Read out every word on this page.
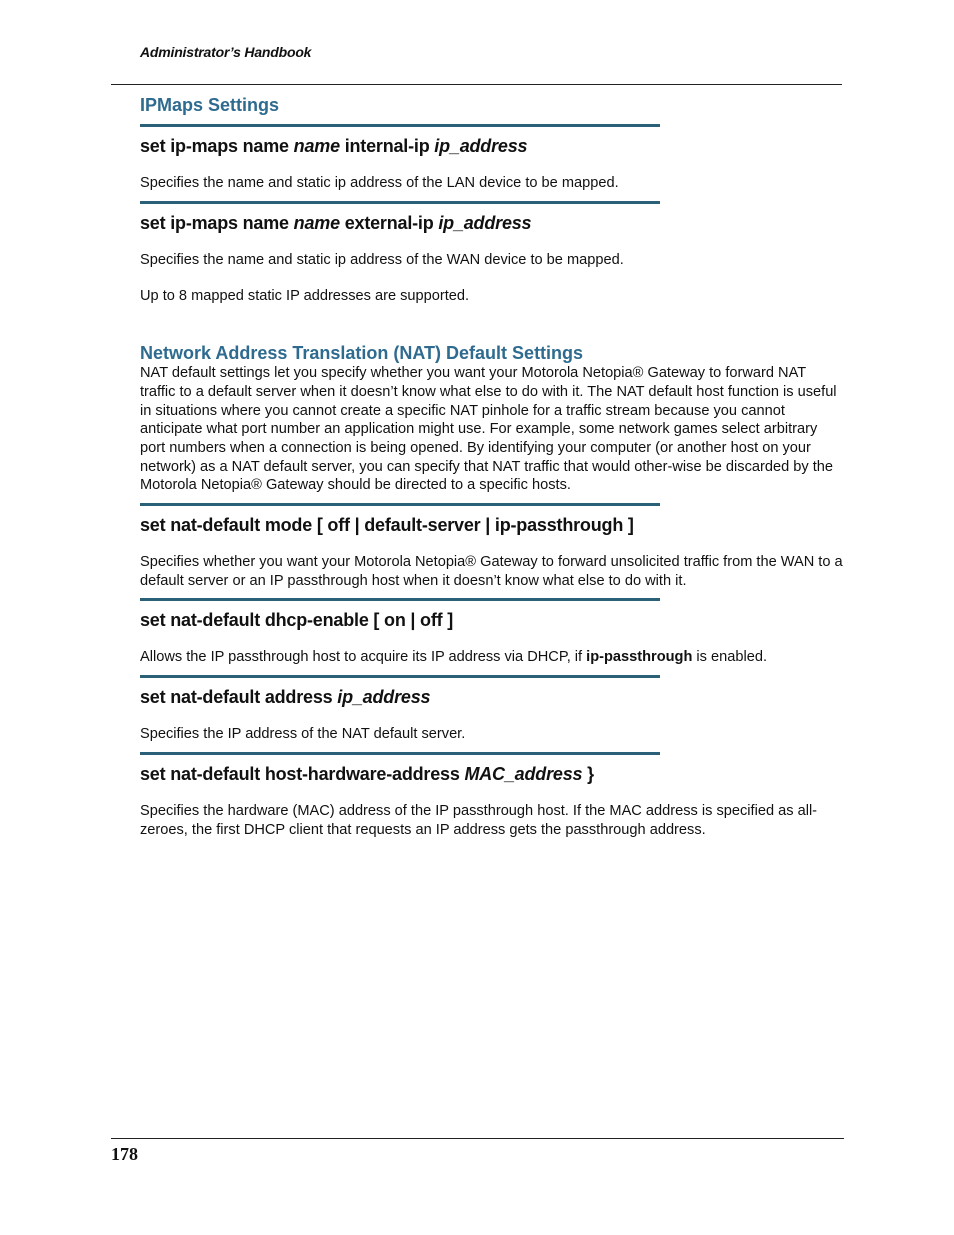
Administrator’s Handbook
IPMaps Settings

set ip-maps name name internal-ip ip_address

Specifies the name and static ip address of the LAN device to be mapped.

set ip-maps name name external-ip ip_address

Specifies the name and static ip address of the WAN device to be mapped.

Up to 8 mapped static IP addresses are supported.

Network Address Translation (NAT) Default Settings

NAT default settings let you specify whether you want your Motorola Netopia® Gateway to forward NAT traffic to a default server when it doesn’t know what else to do with it. The NAT default host function is useful in situations where you cannot create a specific NAT pinhole for a traffic stream because you cannot anticipate what port number an application might use. For example, some network games select arbitrary port numbers when a connection is being opened. By identifying your computer (or another host on your network) as a NAT default server, you can specify that NAT traffic that would other-wise be discarded by the Motorola Netopia® Gateway should be directed to a specific hosts.

set nat-default mode [ off | default-server | ip-passthrough ]

Specifies whether you want your Motorola Netopia® Gateway to forward unsolicited traffic from the WAN to a default server or an IP passthrough host when it doesn’t know what else to do with it.

set nat-default dhcp-enable [ on | off ]

Allows the IP passthrough host to acquire its IP address via DHCP, if ip-passthrough is enabled.

set nat-default address ip_address

Specifies the IP address of the NAT default server.

set nat-default host-hardware-address MAC_address }

Specifies the hardware (MAC) address of the IP passthrough host. If the MAC address is specified as all-zeroes, the first DHCP client that requests an IP address gets the passthrough address.

178
